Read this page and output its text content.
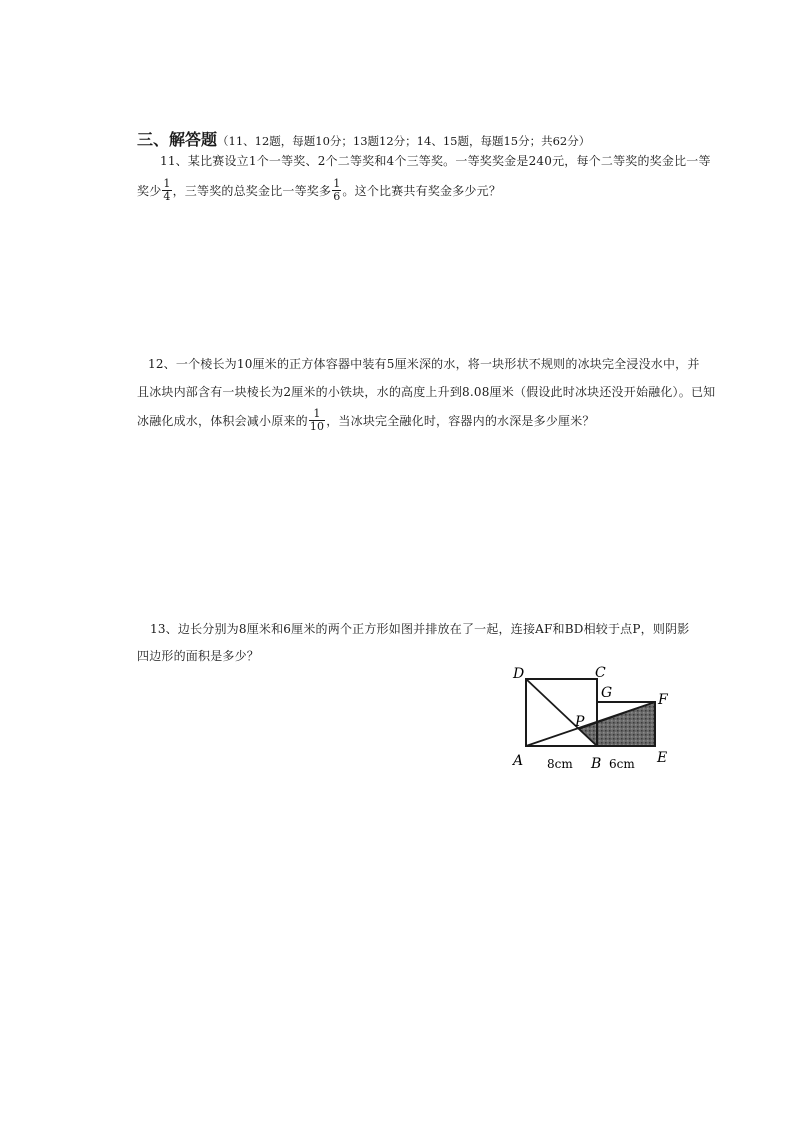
三、解答题（11、12题，每题10分；13题12分；14、15题，每题15分；共62分）
11、某比赛设立1个一等奖、2个二等奖和4个三等奖。一等奖奖金是240元，每个二等奖的奖金比一等
奖少 $\frac{1}{4}$ ，三等奖的总奖金比一等奖多 $\frac{1}{6}$ 。这个比赛共有奖金多少元？
12、一个棱长为10厘米的正方体容器中装有5厘米深的水，将一块形状不规则的冰块完全浸没水中，并
且冰块内部含有一块棱长为2厘米的小铁块，水的高度上升到8.08厘米（假设此时冰块还没开始融化）。已知
冰融化成水，体积会减小原来的 $\frac{1}{10}$ ，当冰块完全融化时，容器内的水深是多少厘米？
13、边长分别为8厘米和6厘米的两个正方形如图并排放在了一起，连接AF和BD相较于点P，则阴影
四边形的面积是多少？
D	C
G	F
P
A	B	E
8cm	6cm
